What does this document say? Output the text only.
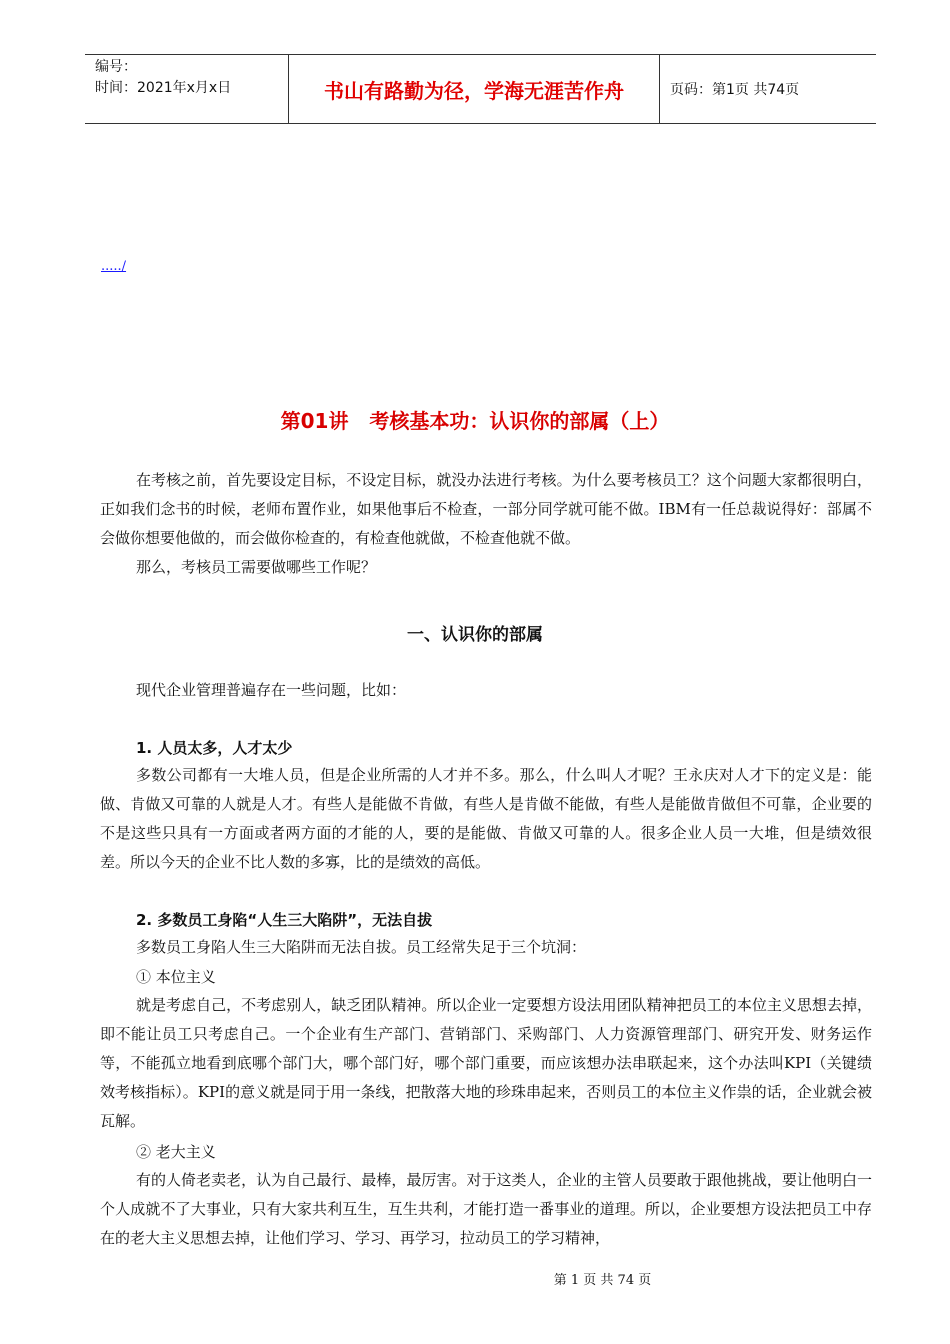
编号：
时间：2021年x月x日	书山有路勤为径，学海无涯苦作舟	页码：第1页 共74页
...../
第01讲   考核基本功：认识你的部属（上）
在考核之前，首先要设定目标，不设定目标，就没办法进行考核。为什么要考核员工？这个问题大家都很明白，正如我们念书的时候，老师布置作业，如果他事后不检查，一部分同学就可能不做。IBM有一任总裁说得好：部属不会做你想要他做的，而会做你检查的，有检查他就做，不检查他就不做。
那么，考核员工需要做哪些工作呢？
一、认识你的部属
现代企业管理普遍存在一些问题，比如：
1. 人员太多，人才太少
多数公司都有一大堆人员，但是企业所需的人才并不多。那么，什么叫人才呢？王永庆对人才下的定义是：能做、肯做又可靠的人就是人才。有些人是能做不肯做，有些人是肯做不能做，有些人是能做肯做但不可靠，企业要的不是这些只具有一方面或者两方面的才能的人，要的是能做、肯做又可靠的人。很多企业人员一大堆，但是绩效很差。所以今天的企业不比人数的多寡，比的是绩效的高低。
2. 多数员工身陷“人生三大陷阱”，无法自拔
多数员工身陷人生三大陷阱而无法自拔。员工经常失足于三个坑洞：
① 本位主义
就是考虑自己，不考虑别人，缺乏团队精神。所以企业一定要想方设法用团队精神把员工的本位主义思想去掉，即不能让员工只考虑自己。一个企业有生产部门、营销部门、采购部门、人力资源管理部门、研究开发、财务运作等，不能孤立地看到底哪个部门大，哪个部门好，哪个部门重要，而应该想办法串联起来，这个办法叫KPI（关键绩效考核指标）。KPI的意义就是同于用一条线，把散落大地的珍珠串起来，否则员工的本位主义作祟的话，企业就会被瓦解。
② 老大主义
有的人倚老卖老，认为自己最行、最棒，最厉害。对于这类人，企业的主管人员要敢于跟他挑战，要让他明白一个人成就不了大事业，只有大家共利互生，互生共利，才能打造一番事业的道理。所以，企业要想方设法把员工中存在的老大主义思想去掉，让他们学习、学习、再学习，拉动员工的学习精神，
第 1 页 共 74 页
